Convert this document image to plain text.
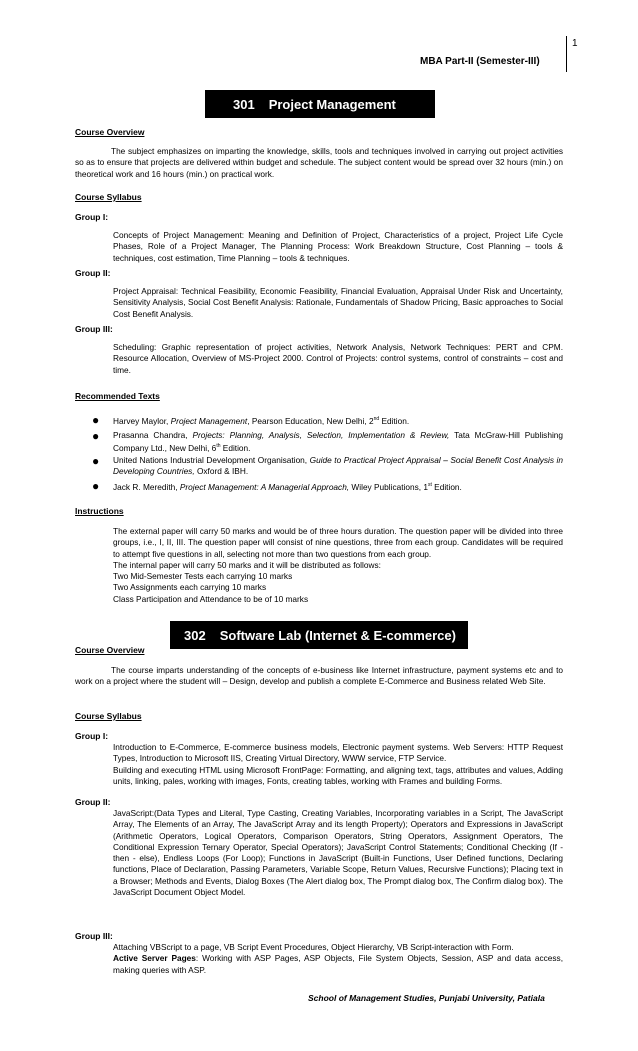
1
MBA Part-II (Semester-III)
301 Project Management
Course Overview
The subject emphasizes on imparting the knowledge, skills, tools and techniques involved in carrying out project activities so as to ensure that projects are delivered within budget and schedule. The subject content would be spread over 32 hours (min.) on theoretical work and 16 hours (min.) on practical work.
Course Syllabus
Group I:
Concepts of Project Management: Meaning and Definition of Project, Characteristics of a project, Project Life Cycle Phases, Role of a Project Manager, The Planning Process: Work Breakdown Structure, Cost Planning – tools & techniques, cost estimation, Time Planning – tools & techniques.
Group II:
Project Appraisal: Technical Feasibility, Economic Feasibility, Financial Evaluation, Appraisal Under Risk and Uncertainty, Sensitivity Analysis, Social Cost Benefit Analysis: Rationale, Fundamentals of Shadow Pricing, Basic approaches to Social Cost Benefit Analysis.
Group III:
Scheduling: Graphic representation of project activities, Network Analysis, Network Techniques: PERT and CPM. Resource Allocation, Overview of MS-Project 2000. Control of Projects: control systems, control of constraints – cost and time.
Recommended Texts
● Harvey Maylor, Project Management, Pearson Education, New Delhi, 2nd Edition.
● Prasanna Chandra, Projects: Planning, Analysis, Selection, Implementation & Review, Tata McGraw-Hill Publishing Company Ltd., New Delhi, 6th Edition.
● United Nations Industrial Development Organisation, Guide to Practical Project Appraisal – Social Benefit Cost Analysis in Developing Countries, Oxford & IBH.
● Jack R. Meredith, Project Management: A Managerial Approach, Wiley Publications, 1st Edition.
Instructions
The external paper will carry 50 marks and would be of three hours duration. The question paper will be divided into three groups, i.e., I, II, III. The question paper will consist of nine questions, three from each group. Candidates will be required to attempt five questions in all, selecting not more than two questions from each group.
The internal paper will carry 50 marks and it will be distributed as follows:
Two Mid-Semester Tests each carrying 10 marks
Two Assignments each carrying 10 marks
Class Participation and Attendance to be of 10 marks
302 Software Lab (Internet & E-commerce)
Course Overview
The course imparts understanding of the concepts of e-business like Internet infrastructure, payment systems etc and to work on a project where the student will – Design, develop and publish a complete E-Commerce and Business related Web Site.
Course Syllabus
Group I:
Introduction to E-Commerce, E-commerce business models, Electronic payment systems. Web Servers: HTTP Request Types, Introduction to Microsoft IIS, Creating Virtual Directory, WWW service, FTP Service.
Building and executing HTML using Microsoft FrontPage: Formatting, and aligning text, tags, attributes and values, Adding units, linking, pales, working with images, Fonts, creating tables, working with Frames and building Forms.
Group II:
JavaScript:(Data Types and Literal, Type Casting, Creating Variables, Incorporating variables in a Script, The JavaScript Array, The Elements of an Array, The JavaScript Array and its length Property); Operators and Expressions in JavaScript (Arithmetic Operators, Logical Operators, Comparison Operators, String Operators, Assignment Operators, The Conditional Expression Ternary Operator, Special Operators); JavaScript Control Statements; Conditional Checking (If - then - else), Endless Loops (For Loop); Functions in JavaScript (Built-in Functions, User Defined functions, Declaring functions, Place of Declaration, Passing Parameters, Variable Scope, Return Values, Recursive Functions); Placing text in a Browser; Methods and Events, Dialog Boxes (The Alert dialog box, The Prompt dialog box, The Confirm dialog box). The JavaScript Document Object Model.
Group III:
Attaching VBScript to a page, VB Script Event Procedures, Object Hierarchy, VB Script-interaction with Form.
Active Server Pages: Working with ASP Pages, ASP Objects, File System Objects, Session, ASP and data access, making queries with ASP.
School of Management Studies, Punjabi University, Patiala
